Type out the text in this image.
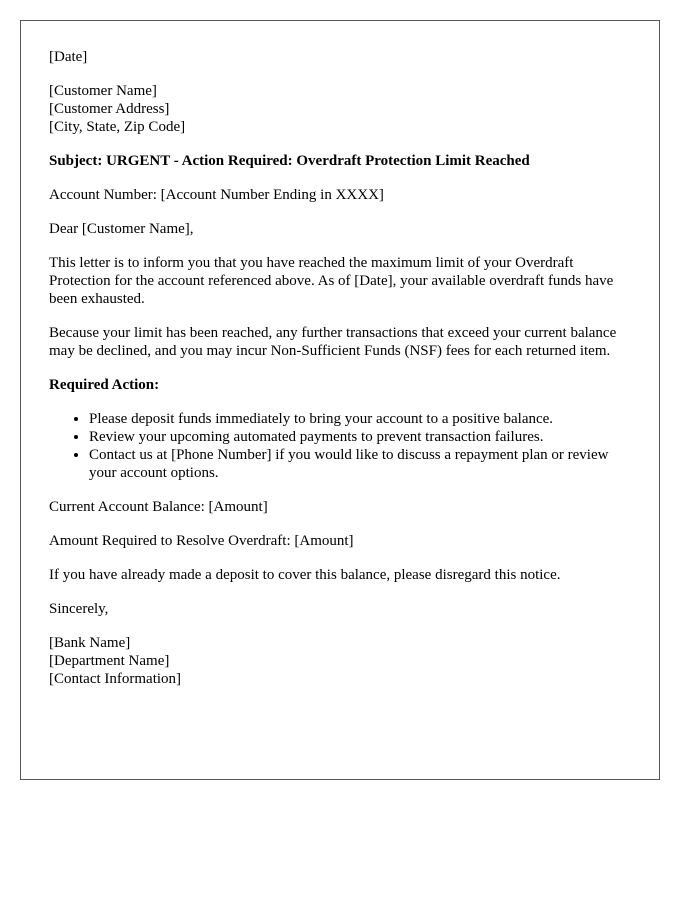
[Date]

[Customer Name]
[Customer Address]
[City, State, Zip Code]

Subject: URGENT - Action Required: Overdraft Protection Limit Reached

Account Number: [Account Number Ending in XXXX]

Dear [Customer Name],

This letter is to inform you that you have reached the maximum limit of your Overdraft Protection for the account referenced above. As of [Date], your available overdraft funds have been exhausted.

Because your limit has been reached, any further transactions that exceed your current balance may be declined, and you may incur Non-Sufficient Funds (NSF) fees for each returned item.

Required Action:

• Please deposit funds immediately to bring your account to a positive balance.
• Review your upcoming automated payments to prevent transaction failures.
• Contact us at [Phone Number] if you would like to discuss a repayment plan or review your account options.

Current Account Balance: [Amount]

Amount Required to Resolve Overdraft: [Amount]

If you have already made a deposit to cover this balance, please disregard this notice.

Sincerely,

[Bank Name]
[Department Name]
[Contact Information]
